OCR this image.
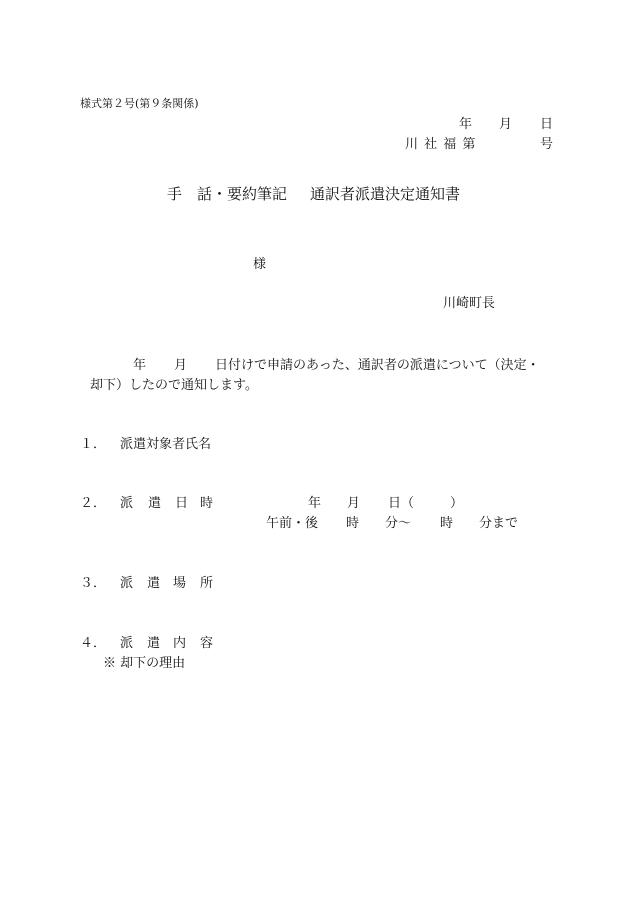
様式第２号(第９条関係)
年 月 日
川 社 福 第	号
手 話・要約筆記 通訳者派遣決定通知書
様
川崎町長
年 月 日付けで申請のあった、通訳者の派遣について（決定・
却下）したので通知します。
１． 派遣対象者氏名
２． 派 遣 日 時	年 月 日（	）
午前・後 時 分～ 時 分まで
３． 派 遣 場 所
４． 派 遣 内 容
※ 却下の理由
